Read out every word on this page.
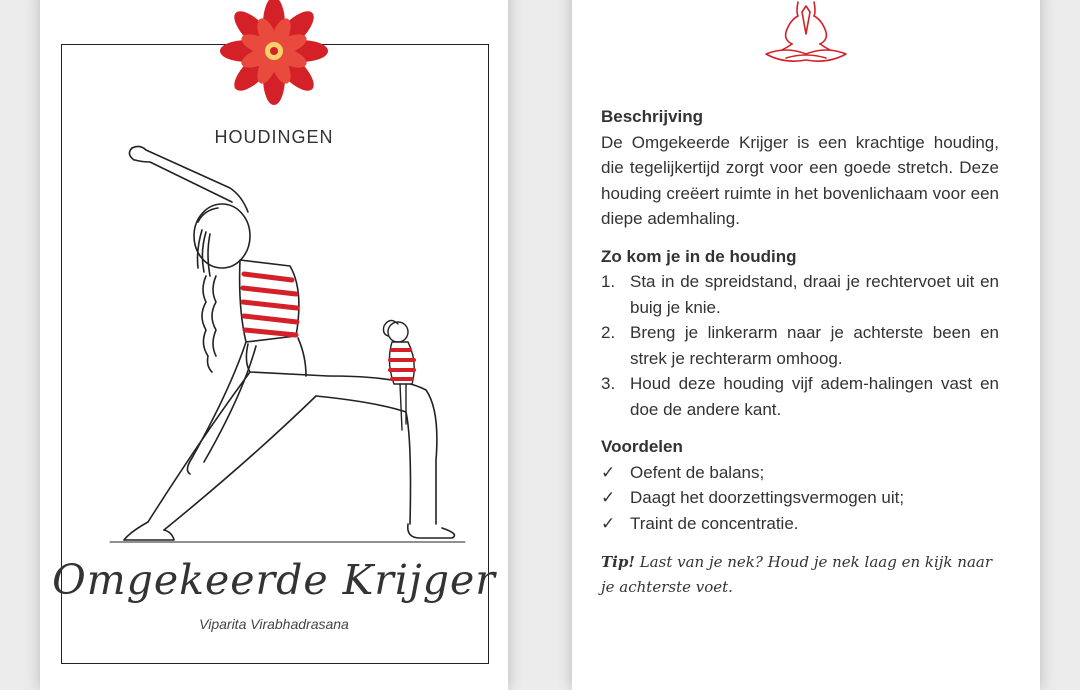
HOUDINGEN
Omgekeerde Krijger
Viparita Virabhadrasana
Beschrijving

De Omgekeerde Krijger is een krachtige houding, die tegelijkertijd zorgt voor een goede stretch. Deze houding creëert ruimte in het bovenlichaam voor een diepe ademhaling.

Zo kom je in de houding
1. Sta in de spreidstand, draai je rechtervoet uit en buig je knie.
2. Breng je linkerarm naar je achterste been en strek je rechterarm omhoog.
3. Houd deze houding vijf adem-halingen vast en doe de andere kant.
Voordelen
✓ Oefent de balans;
✓ Daagt het doorzettingsvermogen uit;
✓ Traint de concentratie.
Tip! Last van je nek? Houd je nek laag en kijk naar je achterste voet.
